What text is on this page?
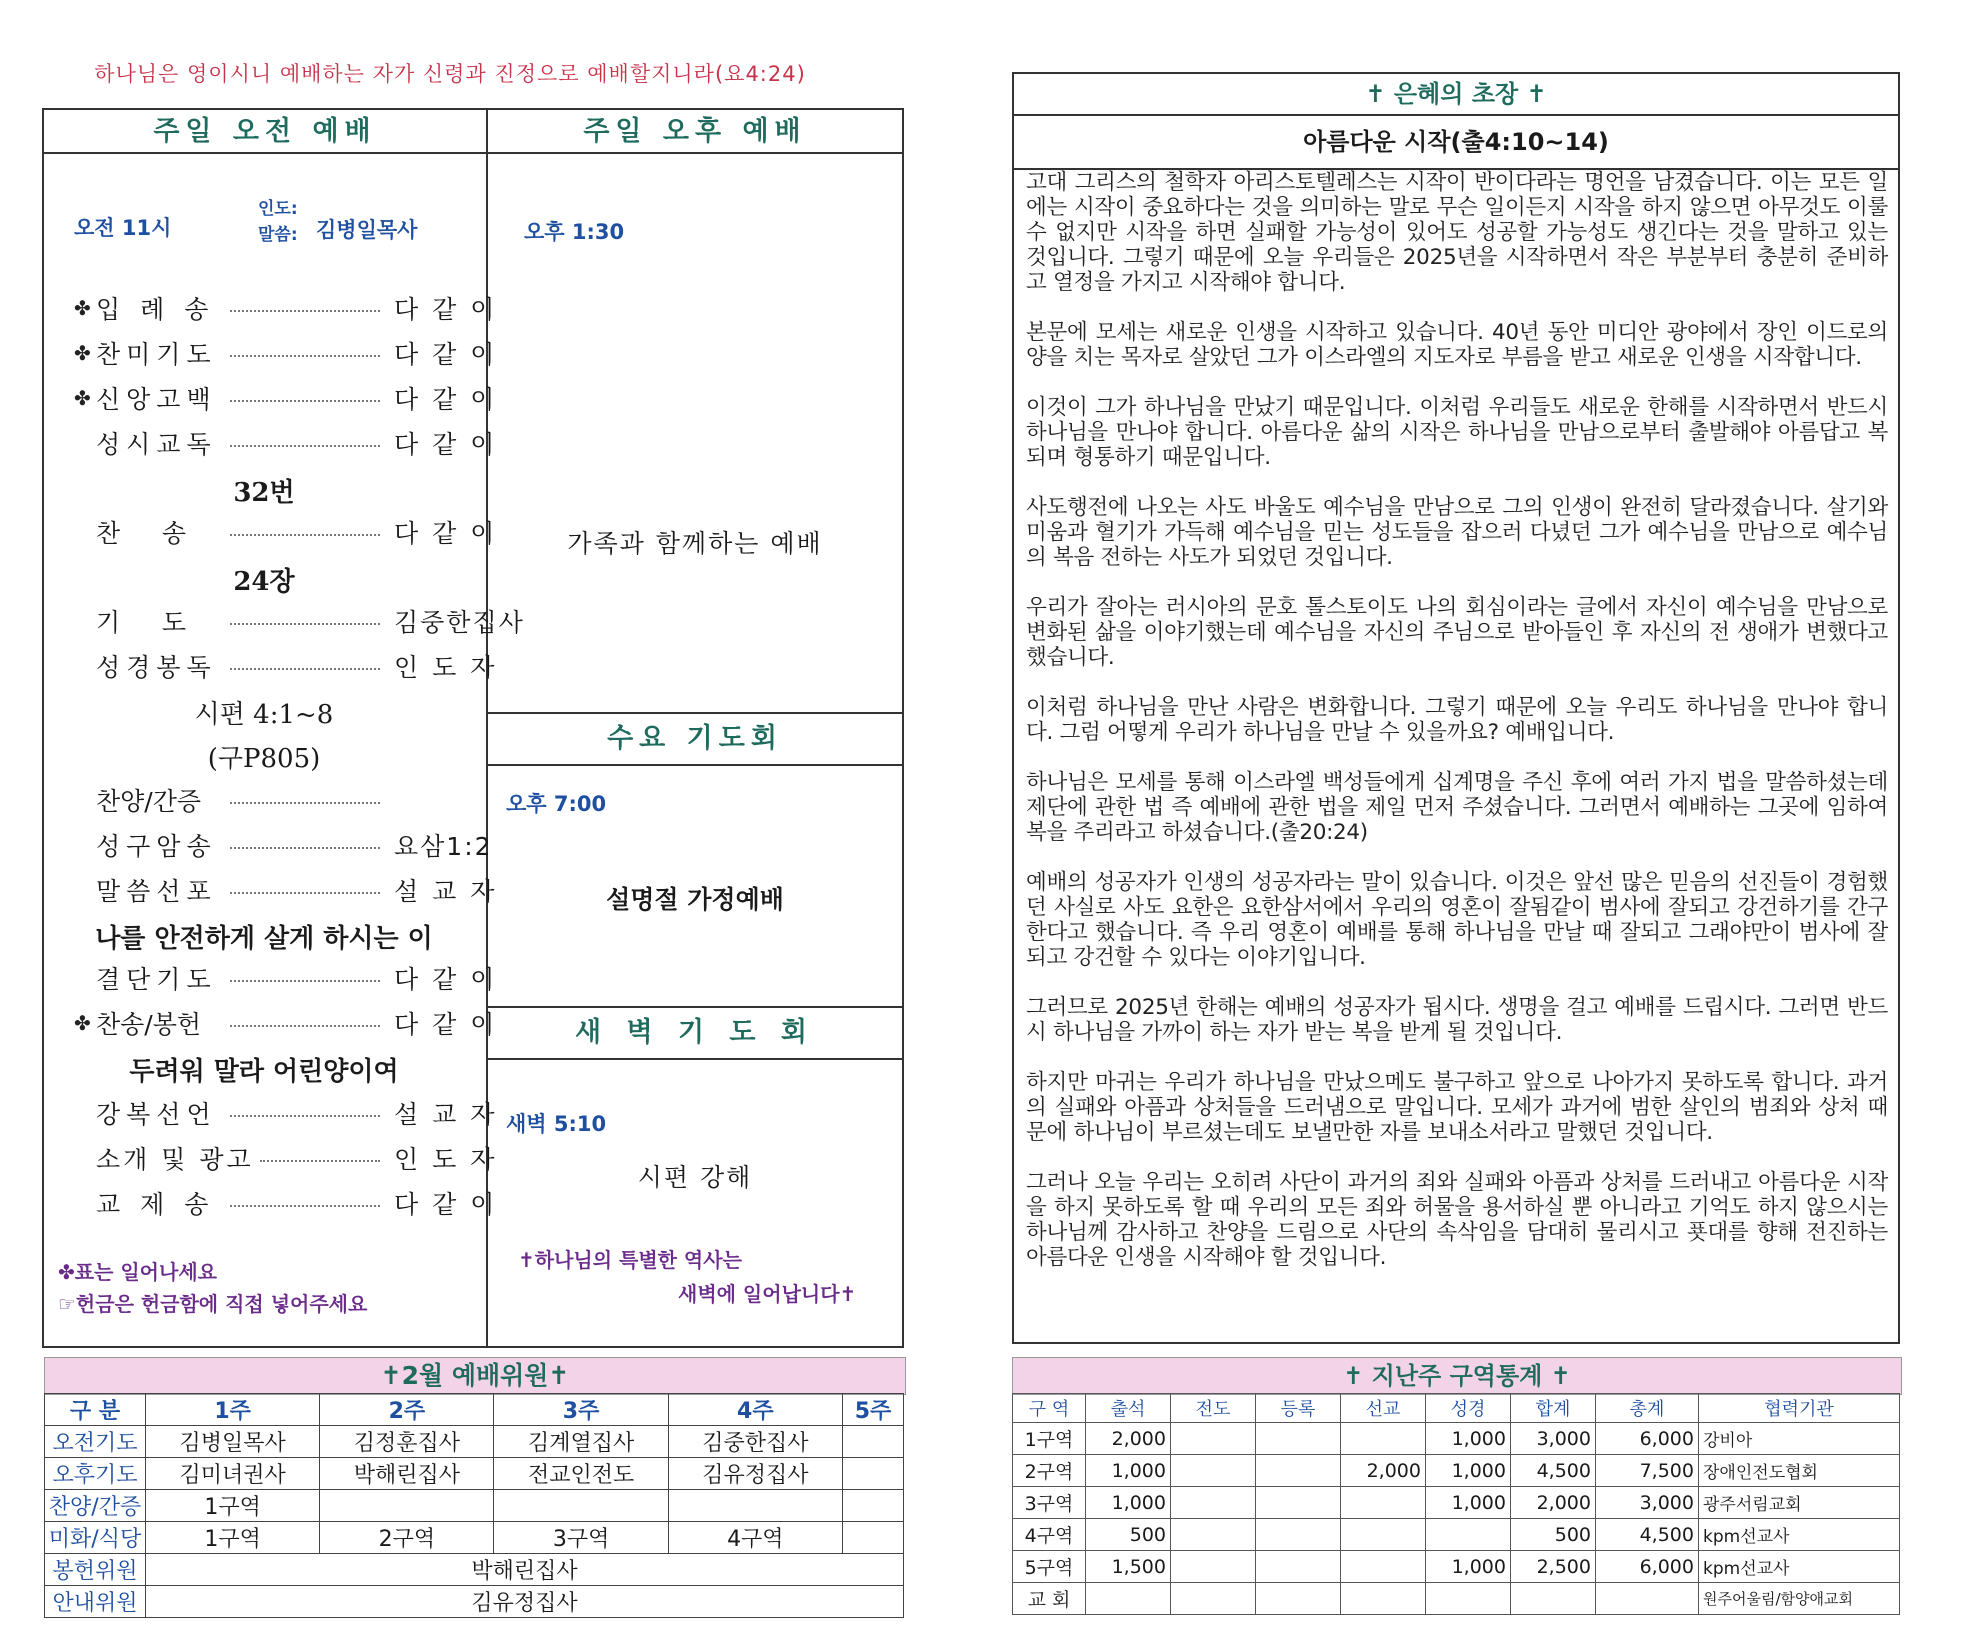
하나님은 영이시니 예배하는 자가 신령과 진정으로 예배할지니라(요4:24)
주일 오전 예배	주일 오후 예배
오전 11시
인도:
말씀: 김병일목사
✤ 입 례 송	다같이
✤ 찬미기도	다같이
✤ 신앙고백	다같이
성시교독	다같이
32번
찬    송	다같이
24장
기    도	김중한집사
성경봉독	인도자
시편 4:1~8
(구P805)
찬양/간증
성구암송	요삼1:2
말씀선포	설교자
나를 안전하게 살게 하시는 이
결단기도	다같이
✤ 찬송/봉헌	다같이
두려워 말라 어린양이여
강복선언	설교자
소개 및 광고	인도자
교 제 송	다같이
✤표는 일어나세요
☞헌금은 헌금함에 직접 넣어주세요
오후 1:30
가족과 함께하는 예배
수요 기도회
오후 7:00
설명절 가정예배
새 벽 기 도 회
새벽 5:10
시편 강해
✝하나님의 특별한 역사는
새벽에 일어납니다✝
✝2월 예배위원✝
구 분	1주	2주	3주	4주	5주
오전기도	김병일목사	김정훈집사	김계열집사	김중한집사	
오후기도	김미녀권사	박해린집사	전교인전도	김유정집사	
찬양/간증	1구역				
미화/식당	1구역	2구역	3구역	4구역	
봉헌위원	박해린집사				
안내위원	김유정집사				
✝ 은혜의 초장 ✝
아름다운 시작(출4:10~14)

고대 그리스의 철학자 아리스토텔레스는 시작이 반이다라는 명언을 남겼습니다. 이는 모든 일에는 시작이 중요하다는 것을 의미하는 말로 무슨 일이든지 시작을 하지 않으면 아무것도 이룰 수 없지만 시작을 하면 실패할 가능성이 있어도 성공할 가능성도 생긴다는 것을 말하고 있는 것입니다. 그렇기 때문에 오늘 우리들은 2025년을 시작하면서 작은 부분부터 충분히 준비하고 열정을 가지고 시작해야 합니다.

본문에 모세는 새로운 인생을 시작하고 있습니다. 40년 동안 미디안 광야에서 장인 이드로의 양을 치는 목자로 살았던 그가 이스라엘의 지도자로 부름을 받고 새로운 인생을 시작합니다.

이것이 그가 하나님을 만났기 때문입니다. 이처럼 우리들도 새로운 한해를 시작하면서 반드시 하나님을 만나야 합니다. 아름다운 삶의 시작은 하나님을 만남으로부터 출발해야 아름답고 복되며 형통하기 때문입니다.

사도행전에 나오는 사도 바울도 예수님을 만남으로 그의 인생이 완전히 달라졌습니다. 살기와 미움과 혈기가 가득해 예수님을 믿는 성도들을 잡으러 다녔던 그가 예수님을 만남으로 예수님의 복음 전하는 사도가 되었던 것입니다.

우리가 잘아는 러시아의 문호 톨스토이도 나의 회심이라는 글에서 자신이 예수님을 만남으로 변화된 삶을 이야기했는데 예수님을 자신의 주님으로 받아들인 후 자신의 전 생애가 변했다고 했습니다.

이처럼 하나님을 만난 사람은 변화합니다. 그렇기 때문에 오늘 우리도 하나님을 만나야 합니다. 그럼 어떻게 우리가 하나님을 만날 수 있을까요? 예배입니다.

하나님은 모세를 통해 이스라엘 백성들에게 십계명을 주신 후에 여러 가지 법을 말씀하셨는데 제단에 관한 법 즉 예배에 관한 법을 제일 먼저 주셨습니다. 그러면서 예배하는 그곳에 임하여 복을 주리라고 하셨습니다.(출20:24)

예배의 성공자가 인생의 성공자라는 말이 있습니다. 이것은 앞선 많은 믿음의 선진들이 경험했던 사실로 사도 요한은 요한삼서에서 우리의 영혼이 잘됨같이 범사에 잘되고 강건하기를 간구한다고 했습니다. 즉 우리 영혼이 예배를 통해 하나님을 만날 때 잘되고 그래야만이 범사에 잘되고 강건할 수 있다는 이야기입니다.

그러므로 2025년 한해는 예배의 성공자가 됩시다. 생명을 걸고 예배를 드립시다. 그러면 반드시 하나님을 가까이 하는 자가 받는 복을 받게 될 것입니다.

하지만 마귀는 우리가 하나님을 만났으메도 불구하고 앞으로 나아가지 못하도록 합니다. 과거의 실패와 아픔과 상처들을 드러냄으로 말입니다. 모세가 과거에 범한 살인의 범죄와 상처 때문에 하나님이 부르셨는데도 보낼만한 자를 보내소서라고 말했던 것입니다.

그러나 오늘 우리는 오히려 사단이 과거의 죄와 실패와 아픔과 상처를 드러내고 아름다운 시작을 하지 못하도록 할 때 우리의 모든 죄와 허물을 용서하실 뿐 아니라고 기억도 하지 않으시는 하나님께 감사하고 찬양을 드림으로 사단의 속삭임을 담대히 물리시고 푯대를 향해 전진하는 아름다운 인생을 시작해야 할 것입니다.

✝ 지난주 구역통계 ✝
구 역	출석	전도	등록	선교	성경	합계	총계	협력기관
1구역	2,000				1,000	3,000	6,000	강비아
2구역	1,000			2,000	1,000	4,500	7,500	장애인전도협회
3구역	1,000				1,000	2,000	3,000	광주서림교회
4구역	500					500	4,500	kpm선교사
5구역	1,500				1,000	2,500	6,000	kpm선교사
교 회								원주어울림/함양애교회
